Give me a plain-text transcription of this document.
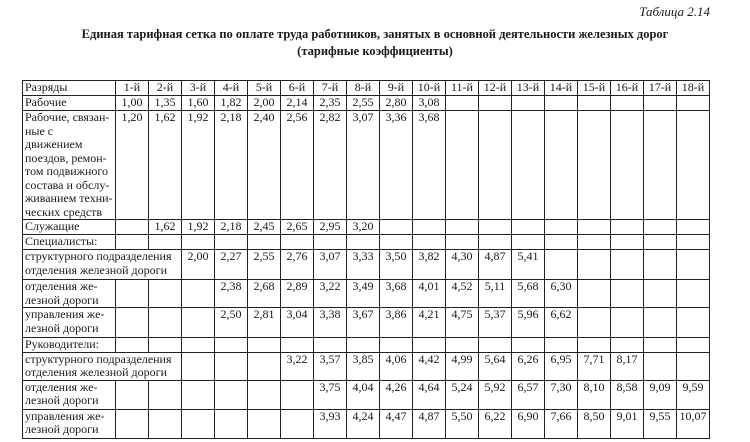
Таблица 2.14
Единая тарифная сетка по оплате труда работников, занятых в основной деятельности железных дорог
(тарифные коэффициенты)
Разряды	1-й	2-й	3-й	4-й	5-й	6-й	7-й	8-й	9-й	10-й	11-й	12-й	13-й	14-й	15-й	16-й	17-й	18-й
Рабочие	1,00	1,35	1,60	1,82	2,00	2,14	2,35	2,55	2,80	3,08								
Рабочие, связан-ные с движением поездов, ремон-том подвижного состава и обслу-живанием техни-ческих средств	1,20	1,62	1,92	2,18	2,40	2,56	2,82	3,07	3,36	3,68								
Служащие		1,62	1,92	2,18	2,45	2,65	2,95	3,20										
Специалисты:																		
структурного подразделения отделения железной дороги			2,00	2,27	2,55	2,76	3,07	3,33	3,50	3,82	4,30	4,87	5,41					
отделения же-лезной дороги				2,38	2,68	2,89	3,22	3,49	3,68	4,01	4,52	5,11	5,68	6,30				
управления же-лезной дороги				2,50	2,81	3,04	3,38	3,67	3,86	4,21	4,75	5,37	5,96	6,62				
Руководители:																		
структурного подразделения отделения железной дороги						3,22	3,57	3,85	4,06	4,42	4,99	5,64	6,26	6,95	7,71	8,17		
отделения же-лезной дороги							3,75	4,04	4,26	4,64	5,24	5,92	6,57	7,30	8,10	8,58	9,09	9,59
управления же-лезной дороги							3,93	4,24	4,47	4,87	5,50	6,22	6,90	7,66	8,50	9,01	9,55	10,07
